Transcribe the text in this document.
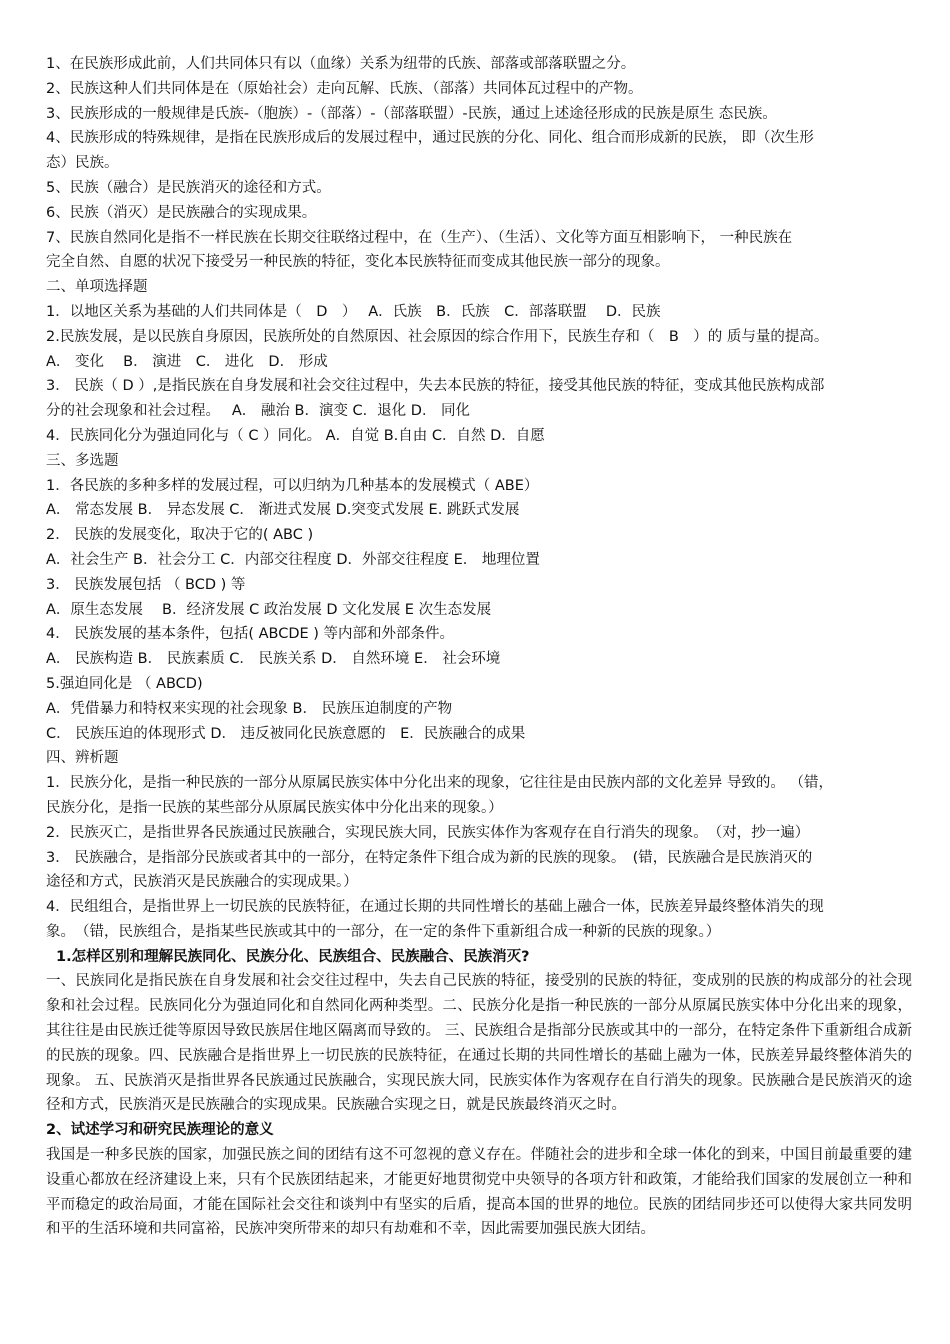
1、在民族形成此前，人们共同体只有以（血缘）关系为纽带的氏族、部落或部落联盟之分。

2、民族这种人们共同体是在（原始社会）走向瓦解、氏族、（部落）共同体瓦过程中的产物。

3、民族形成的一般规律是氏族-（胞族）-（部落）-（部落联盟）-民族，通过上述途径形成的民族是原生 态民族。

4、民族形成的特殊规律，是指在民族形成后的发展过程中，通过民族的分化、同化、组合而形成新的民族， 即（次生形

态）民族。

5、民族（融合）是民族消灭的途径和方式。

6、民族（消灭）是民族融合的实现成果。

7、民族自然同化是指不一样民族在长期交往联络过程中，在（生产）、（生活）、文化等方面互相影响下， 一种民族在

完全自然、自愿的状况下接受另一种民族的特征，变化本民族特征而变成其他民族一部分的现象。

二、单项选择题

1．以地区关系为基础的人们共同体是（　D　）　 A．氏族　B．氏族　C．部落联盟　 D．民族

2.民族发展，是以民族自身原因，民族所处的自然原因、社会原因的综合作用下，民族生存和（　B　）的 质与量的提高。

A． 变化　 B． 演进　C． 进化　D． 形成

3． 民族（ D ）,是指民族在自身发展和社会交往过程中，失去本民族的特征，接受其他民族的特征，变成其他民族构成部

分的社会现象和社会过程。　 A． 融治 B．演变 C．退化 D． 同化

4．民族同化分为强迫同化与（ C ）同化。 A．自觉 B.自由 C．自然 D．自愿

三、多选题

1．各民族的多种多样的发展过程，可以归纳为几种基本的发展模式（ ABE）

A． 常态发展 B． 异态发展 C． 渐进式发展 D.突变式发展 E. 跳跃式发展

2． 民族的发展变化，取决于它的( ABC )

A．社会生产 B．社会分工 C．内部交往程度 D．外部交往程度 E． 地理位置

3． 民族发展包括 （ BCD ) 等

A．原生态发展　 B．经济发展 C 政治发展 D 文化发展 E 次生态发展

4． 民族发展的基本条件，包括( ABCDE ) 等内部和外部条件。

A． 民族构造 B． 民族素质 C． 民族关系 D． 自然环境 E． 社会环境

5.强迫同化是 （ ABCD)

A．凭借暴力和特权来实现的社会现象 B． 民族压迫制度的产物

C． 民族压迫的体现形式 D． 违反被同化民族意愿的　E．民族融合的成果

四、辨析题

1．民族分化，是指一种民族的一部分从原属民族实体中分化出来的现象，它往往是由民族内部的文化差异 导致的。 （错，

民族分化，是指一民族的某些部分从原属民族实体中分化出来的现象。）

2．民族灭亡，是指世界各民族通过民族融合，实现民族大同，民族实体作为客观存在自行消失的现象。　（对，抄一遍）

3． 民族融合，是指部分民族或者其中的一部分，在特定条件下组合成为新的民族的现象。　(错，民族融合是民族消灭的

途径和方式，民族消灭是民族融合的实现成果。）

4．民组组合，是指世界上一切民族的民族特征，在通过长期的共同性增长的基础上融合一体，民族差异最终整体消失的现

象。　（错，民族组合，是指某些民族或其中的一部分，在一定的条件下重新组合成一种新的民族的现象。）

1.怎样区别和理解民族同化、民族分化、民族组合、民族融合、民族消灭?

一、民族同化是指民族在自身发展和社会交往过程中，失去自己民族的特征，接受别的民族的特征，变成别的民族的构成部分的社会现象和社会过程。民族同化分为强迫同化和自然同化两种类型。二、民族分化是指一种民族的一部分从原属民族实体中分化出来的现象，其往往是由民族迁徙等原因导致民族居住地区隔离而导致的。 三、民族组合是指部分民族或其中的一部分，在特定条件下重新组合成新的民族的现象。四、民族融合是指世界上一切民族的民族特征，在通过长期的共同性增长的基础上融为一体，民族差异最终整体消失的现象。 五、民族消灭是指世界各民族通过民族融合，实现民族大同，民族实体作为客观存在自行消失的现象。民族融合是民族消灭的途径和方式，民族消灭是民族融合的实现成果。民族融合实现之日，就是民族最终消灭之时。

2、试述学习和研究民族理论的意义

我国是一种多民族的国家，加强民族之间的团结有这不可忽视的意义存在。伴随社会的进步和全球一体化的到来，中国目前最重要的建设重心都放在经济建设上来，只有个民族团结起来，才能更好地贯彻党中央领导的各项方针和政策，才能给我们国家的发展创立一种和平而稳定的政治局面，才能在国际社会交往和谈判中有坚实的后盾，提高本国的世界的地位。民族的团结同步还可以使得大家共同发明和平的生活环境和共同富裕，民族冲突所带来的却只有劫难和不幸，因此需要加强民族大团结。
